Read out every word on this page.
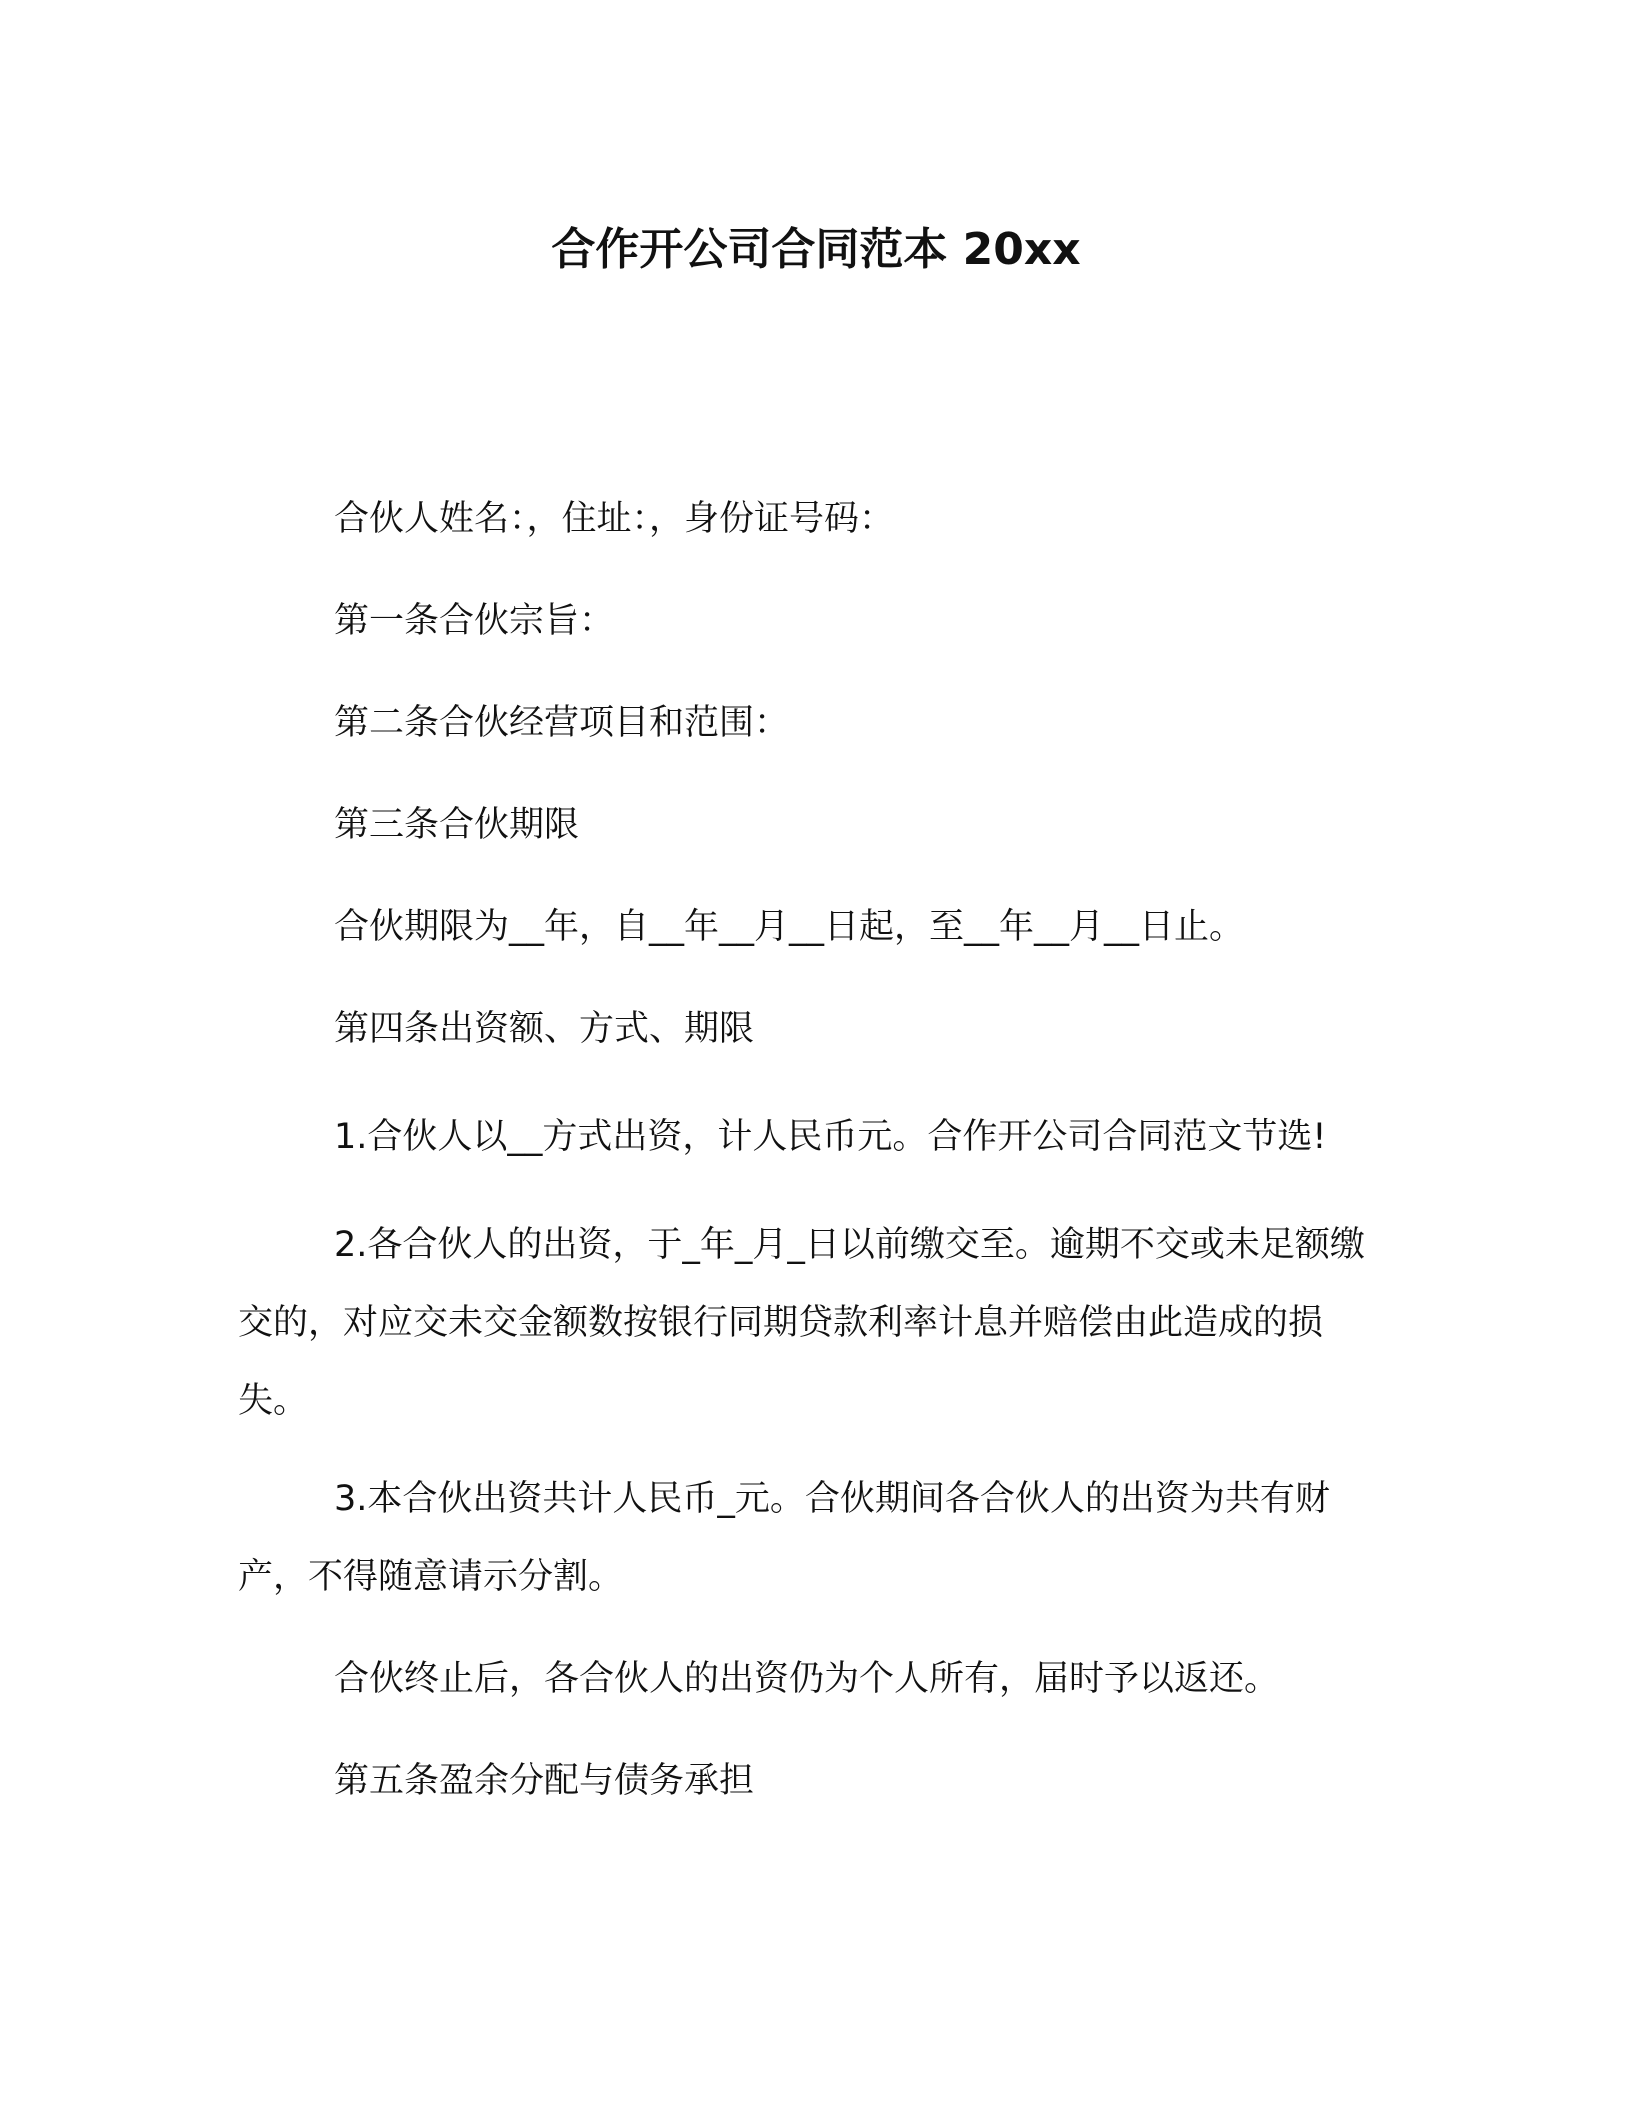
合作开公司合同范本 20xx
合伙人姓名：，住址：，身份证号码：
第一条合伙宗旨：
第二条合伙经营项目和范围：
第三条合伙期限
合伙期限为__年，自__年__月__日起，至__年__月__日止。
第四条出资额、方式、期限
1.合伙人以__方式出资，计人民币元。合作开公司合同范文节选!
2.各合伙人的出资，于_年_月_日以前缴交至。逾期不交或未足额缴交的，对应交未交金额数按银行同期贷款利率计息并赔偿由此造成的损失。
3.本合伙出资共计人民币_元。合伙期间各合伙人的出资为共有财产，不得随意请示分割。
合伙终止后，各合伙人的出资仍为个人所有，届时予以返还。
第五条盈余分配与债务承担
